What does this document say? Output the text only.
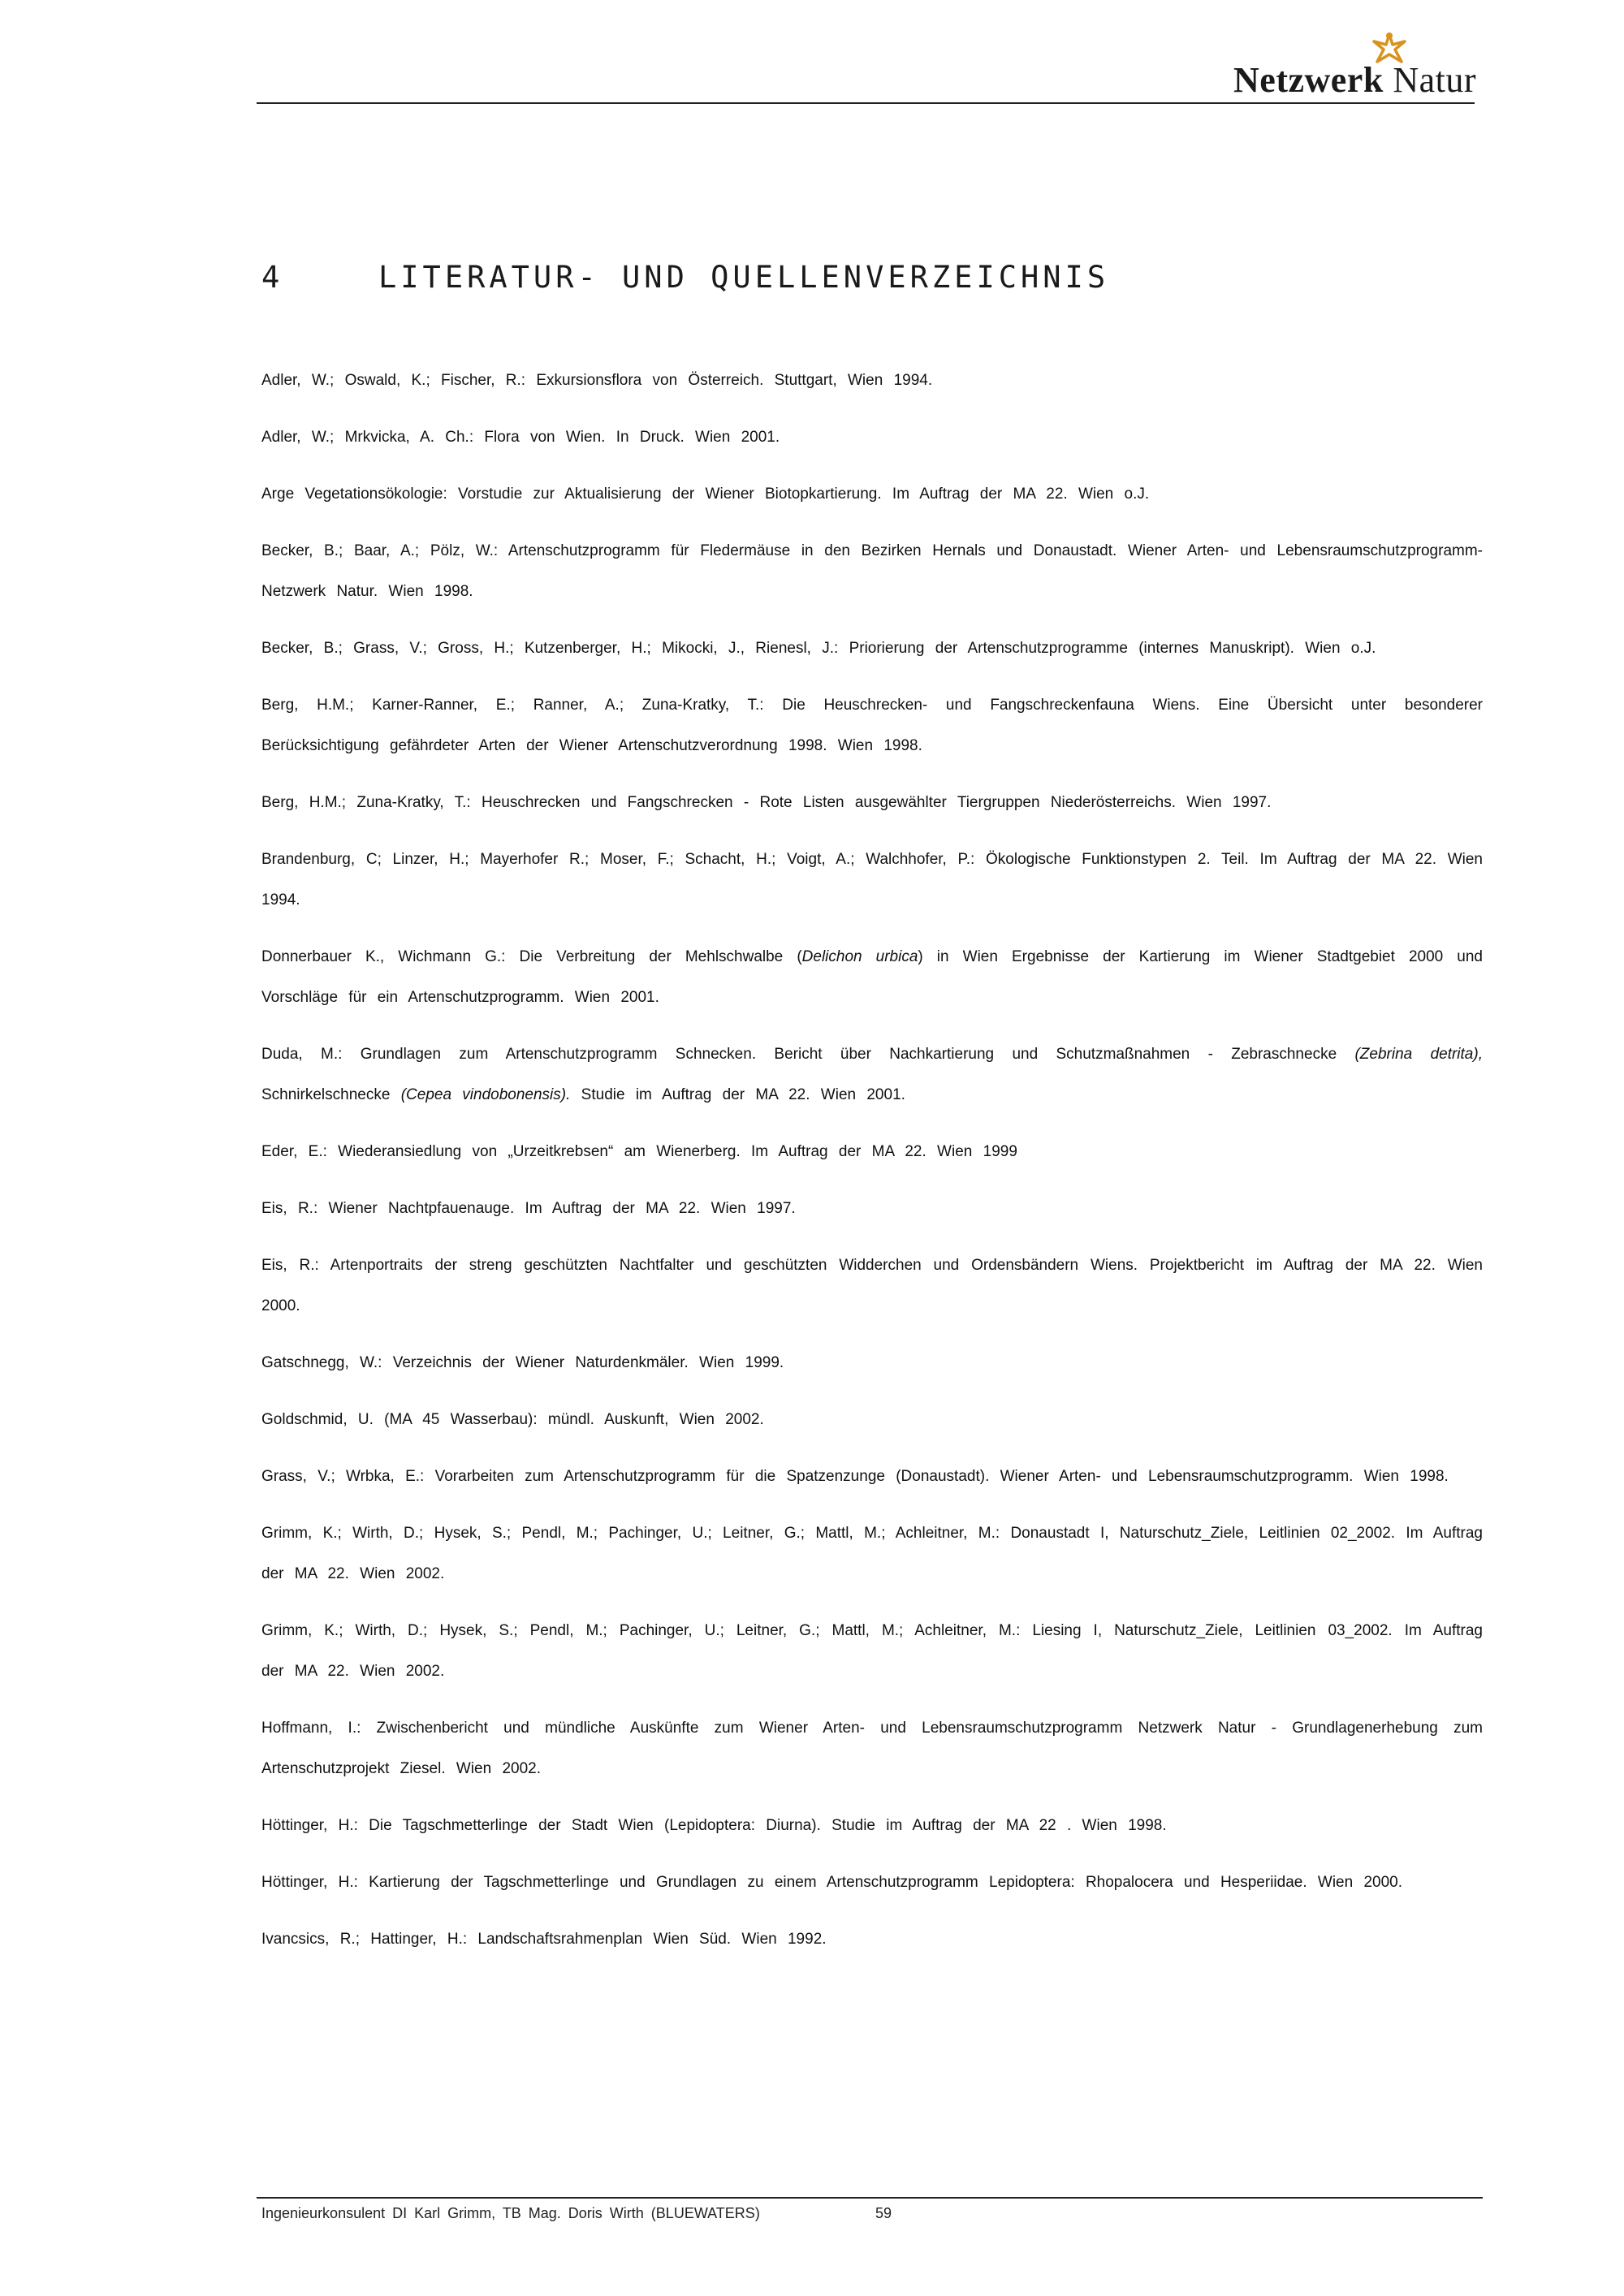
Netzwerk Natur
4	LITERATUR- UND QUELLENVERZEICHNIS
Adler, W.; Oswald, K.; Fischer, R.: Exkursionsflora von Österreich. Stuttgart, Wien 1994.
Adler, W.; Mrkvicka, A. Ch.: Flora von Wien. In Druck. Wien 2001.
Arge Vegetationsökologie: Vorstudie zur Aktualisierung der Wiener Biotopkartierung. Im Auftrag der MA 22. Wien o.J.
Becker, B.; Baar, A.; Pölz, W.: Artenschutzprogramm für Fledermäuse in den Bezirken Hernals und Donaustadt. Wiener Arten- und Lebensraumschutzprogramm- Netzwerk Natur. Wien 1998.
Becker, B.; Grass, V.; Gross, H.; Kutzenberger, H.; Mikocki, J., Rienesl, J.: Priorierung der Artenschutzprogramme (internes Manuskript). Wien o.J.
Berg, H.M.; Karner-Ranner, E.; Ranner, A.; Zuna-Kratky, T.: Die Heuschrecken- und Fangschreckenfauna Wiens. Eine Übersicht unter besonderer Berücksichtigung gefährdeter Arten der Wiener Artenschutzverordnung 1998. Wien 1998.
Berg, H.M.; Zuna-Kratky, T.: Heuschrecken und Fangschrecken - Rote Listen ausgewählter Tiergruppen Niederösterreichs. Wien 1997.
Brandenburg, C; Linzer, H.; Mayerhofer R.; Moser, F.; Schacht, H.; Voigt, A.; Walchhofer, P.: Ökologische Funktionstypen 2. Teil. Im Auftrag der MA 22. Wien 1994.
Donnerbauer K., Wichmann G.: Die Verbreitung der Mehlschwalbe (Delichon urbica) in Wien Ergebnisse der Kartierung im Wiener Stadtgebiet 2000 und Vorschläge für ein Artenschutzprogramm. Wien 2001.
Duda, M.: Grundlagen zum Artenschutzprogramm Schnecken. Bericht über Nachkartierung und Schutzmaßnahmen - Zebraschnecke (Zebrina detrita), Schnirkelschnecke (Cepea vindobonensis). Studie im Auftrag der MA 22. Wien 2001.
Eder, E.: Wiederansiedlung von „Urzeitkrebsen“ am Wienerberg. Im Auftrag der MA 22. Wien 1999
Eis, R.: Wiener Nachtpfauenauge. Im Auftrag der MA 22. Wien 1997.
Eis, R.: Artenportraits der streng geschützten Nachtfalter und geschützten Widderchen und Ordensbändern Wiens. Projektbericht im Auftrag der MA 22. Wien 2000.
Gatschnegg, W.: Verzeichnis der Wiener Naturdenkmäler. Wien 1999.
Goldschmid, U. (MA 45 Wasserbau): mündl. Auskunft, Wien 2002.
Grass, V.; Wrbka, E.: Vorarbeiten zum Artenschutzprogramm für die Spatzenzunge (Donaustadt). Wiener Arten- und Lebensraumschutzprogramm. Wien 1998.
Grimm, K.; Wirth, D.; Hysek, S.; Pendl, M.; Pachinger, U.; Leitner, G.; Mattl, M.; Achleitner, M.: Donaustadt I, Naturschutz_Ziele, Leitlinien 02_2002. Im Auftrag der MA 22. Wien 2002.
Grimm, K.; Wirth, D.; Hysek, S.; Pendl, M.; Pachinger, U.; Leitner, G.; Mattl, M.; Achleitner, M.: Liesing I, Naturschutz_Ziele, Leitlinien 03_2002. Im Auftrag der MA 22. Wien 2002.
Hoffmann, I.: Zwischenbericht und mündliche Auskünfte zum Wiener Arten- und Lebensraumschutzprogramm Netzwerk Natur - Grundlagenerhebung zum Artenschutzprojekt Ziesel. Wien 2002.
Höttinger, H.: Die Tagschmetterlinge der Stadt Wien (Lepidoptera: Diurna). Studie im Auftrag der MA 22 . Wien 1998.
Höttinger, H.: Kartierung der Tagschmetterlinge und Grundlagen zu einem Artenschutzprogramm Lepidoptera: Rhopalocera und Hesperiidae. Wien 2000.
Ivancsics, R.; Hattinger, H.: Landschaftsrahmenplan Wien Süd. Wien 1992.
Ingenieurkonsulent DI Karl Grimm, TB Mag. Doris Wirth (BLUEWATERS)	59
